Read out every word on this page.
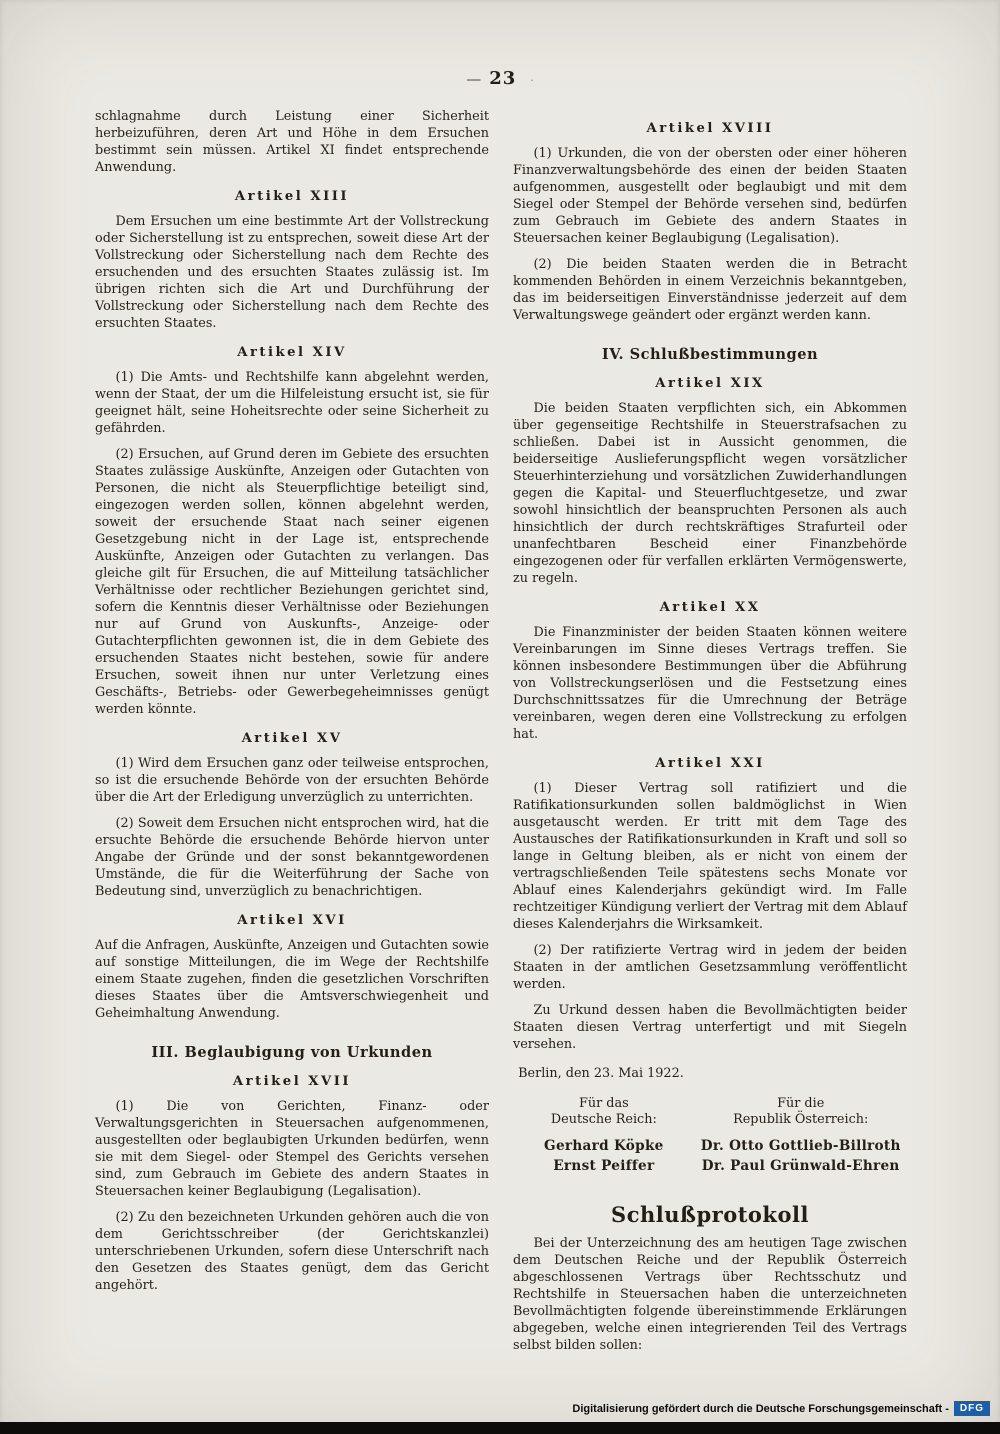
— 23 ·
schlagnahme durch Leistung einer Sicherheit herbeizuführen, deren Art und Höhe in dem Ersuchen bestimmt sein müssen. Artikel XI findet entsprechende Anwendung.
Artikel XIII
Dem Ersuchen um eine bestimmte Art der Vollstreckung oder Sicherstellung ist zu entsprechen, soweit diese Art der Vollstreckung oder Sicherstellung nach dem Rechte des ersuchenden und des ersuchten Staates zulässig ist. Im übrigen richten sich die Art und Durchführung der Vollstreckung oder Sicherstellung nach dem Rechte des ersuchten Staates.
Artikel XIV
(1) Die Amts- und Rechtshilfe kann abgelehnt werden, wenn der Staat, der um die Hilfeleistung ersucht ist, sie für geeignet hält, seine Hoheitsrechte oder seine Sicherheit zu gefährden.
(2) Ersuchen, auf Grund deren im Gebiete des ersuchten Staates zulässige Auskünfte, Anzeigen oder Gutachten von Personen, die nicht als Steuerpflichtige beteiligt sind, eingezogen werden sollen, können abgelehnt werden, soweit der ersuchende Staat nach seiner eigenen Gesetzgebung nicht in der Lage ist, entsprechende Auskünfte, Anzeigen oder Gutachten zu verlangen. Das gleiche gilt für Ersuchen, die auf Mitteilung tatsächlicher Verhältnisse oder rechtlicher Beziehungen gerichtet sind, sofern die Kenntnis dieser Verhältnisse oder Beziehungen nur auf Grund von Auskunfts-, Anzeige- oder Gutachterpflichten gewonnen ist, die in dem Gebiete des ersuchenden Staates nicht bestehen, sowie für andere Ersuchen, soweit ihnen nur unter Verletzung eines Geschäfts-, Betriebs- oder Gewerbegeheimnisses genügt werden könnte.
Artikel XV
(1) Wird dem Ersuchen ganz oder teilweise entsprochen, so ist die ersuchende Behörde von der ersuchten Behörde über die Art der Erledigung unverzüglich zu unterrichten.
(2) Soweit dem Ersuchen nicht entsprochen wird, hat die ersuchte Behörde die ersuchende Behörde hiervon unter Angabe der Gründe und der sonst bekanntgewordenen Umstände, die für die Weiterführung der Sache von Bedeutung sind, unverzüglich zu benachrichtigen.
Artikel XVI
Auf die Anfragen, Auskünfte, Anzeigen und Gutachten sowie auf sonstige Mitteilungen, die im Wege der Rechtshilfe einem Staate zugehen, finden die gesetzlichen Vorschriften dieses Staates über die Amtsverschwiegenheit und Geheimhaltung Anwendung.
III. Beglaubigung von Urkunden
Artikel XVII
(1) Die von Gerichten, Finanz- oder Verwaltungsgerichten in Steuersachen aufgenommenen, ausgestellten oder beglaubigten Urkunden bedürfen, wenn sie mit dem Siegel- oder Stempel des Gerichts versehen sind, zum Gebrauch im Gebiete des andern Staates in Steuersachen keiner Beglaubigung (Legalisation).
(2) Zu den bezeichneten Urkunden gehören auch die von dem Gerichtsschreiber (der Gerichtskanzlei) unterschriebenen Urkunden, sofern diese Unterschrift nach den Gesetzen des Staates genügt, dem das Gericht angehört.
Artikel XVIII
(1) Urkunden, die von der obersten oder einer höheren Finanzverwaltungsbehörde des einen der beiden Staaten aufgenommen, ausgestellt oder beglaubigt und mit dem Siegel oder Stempel der Behörde versehen sind, bedürfen zum Gebrauch im Gebiete des andern Staates in Steuersachen keiner Beglaubigung (Legalisation).
(2) Die beiden Staaten werden die in Betracht kommenden Behörden in einem Verzeichnis bekanntgeben, das im beiderseitigen Einverständnisse jederzeit auf dem Verwaltungswege geändert oder ergänzt werden kann.
IV. Schlußbestimmungen
Artikel XIX
Die beiden Staaten verpflichten sich, ein Abkommen über gegenseitige Rechtshilfe in Steuerstrafsachen zu schließen. Dabei ist in Aussicht genommen, die beiderseitige Auslieferungspflicht wegen vorsätzlicher Steuerhinterziehung und vorsätzlichen Zuwiderhandlungen gegen die Kapital- und Steuerfluchtgesetze, und zwar sowohl hinsichtlich der beanspruchten Personen als auch hinsichtlich der durch rechtskräftiges Strafurteil oder unanfechtbaren Bescheid einer Finanzbehörde eingezogenen oder für verfallen erklärten Vermögenswerte, zu regeln.
Artikel XX
Die Finanzminister der beiden Staaten können weitere Vereinbarungen im Sinne dieses Vertrags treffen. Sie können insbesondere Bestimmungen über die Abführung von Vollstreckungserlösen und die Festsetzung eines Durchschnittssatzes für die Umrechnung der Beträge vereinbaren, wegen deren eine Vollstreckung zu erfolgen hat.
Artikel XXI
(1) Dieser Vertrag soll ratifiziert und die Ratifikationsurkunden sollen baldmöglichst in Wien ausgetauscht werden. Er tritt mit dem Tage des Austausches der Ratifikationsurkunden in Kraft und soll so lange in Geltung bleiben, als er nicht von einem der vertragschließenden Teile spätestens sechs Monate vor Ablauf eines Kalenderjahrs gekündigt wird. Im Falle rechtzeitiger Kündigung verliert der Vertrag mit dem Ablauf dieses Kalenderjahrs die Wirksamkeit.
(2) Der ratifizierte Vertrag wird in jedem der beiden Staaten in der amtlichen Gesetzsammlung veröffentlicht werden.
Zu Urkund dessen haben die Bevollmächtigten beider Staaten diesen Vertrag unterfertigt und mit Siegeln versehen.
Berlin, den 23. Mai 1922.
Für das
Deutsche Reich:
Gerhard Köpke
Ernst Peiffer
Für die
Republik Österreich:
Dr. Otto Gottlieb-Billroth
Dr. Paul Grünwald-Ehren
Schlußprotokoll
Bei der Unterzeichnung des am heutigen Tage zwischen dem Deutschen Reiche und der Republik Österreich abgeschlossenen Vertrags über Rechtsschutz und Rechtshilfe in Steuersachen haben die unterzeichneten Bevollmächtigten folgende übereinstimmende Erklärungen abgegeben, welche einen integrierenden Teil des Vertrags selbst bilden sollen:
Digitalisierung gefördert durch die Deutsche Forschungsgemeinschaft -	DFG
